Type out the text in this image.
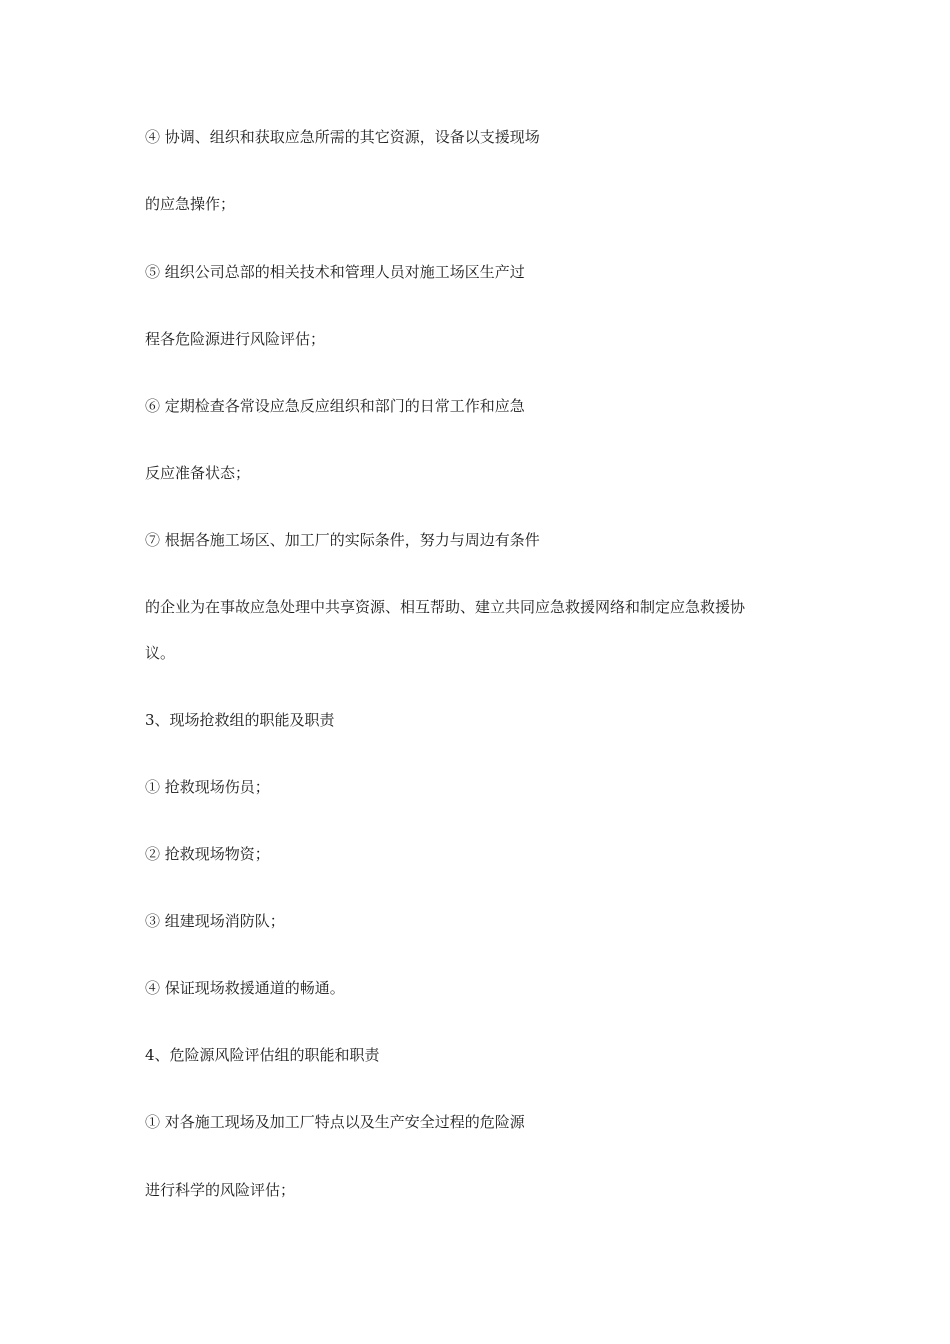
④ 协调、组织和获取应急所需的其它资源，设备以支援现场
的应急操作；
⑤ 组织公司总部的相关技术和管理人员对施工场区生产过
程各危险源进行风险评估；
⑥ 定期检查各常设应急反应组织和部门的日常工作和应急
反应准备状态；
⑦ 根据各施工场区、加工厂的实际条件，努力与周边有条件
的企业为在事故应急处理中共享资源、相互帮助、建立共同应急救援网络和制定应急救援协
议。
3、现场抢救组的职能及职责
① 抢救现场伤员；
② 抢救现场物资；
③ 组建现场消防队；
④ 保证现场救援通道的畅通。
4、危险源风险评估组的职能和职责
① 对各施工现场及加工厂特点以及生产安全过程的危险源
进行科学的风险评估；
